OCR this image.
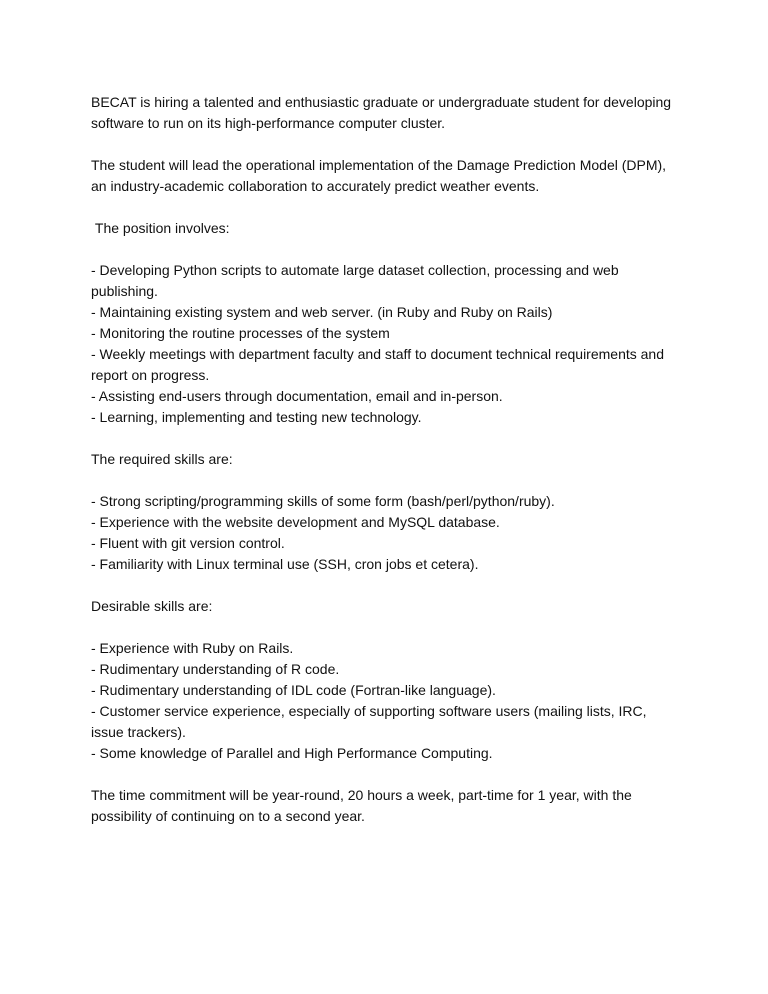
BECAT is hiring a talented and enthusiastic graduate or undergraduate student for developing software to run on its high-performance computer cluster.

The student will lead the operational implementation of the Damage Prediction Model (DPM), an industry-academic collaboration to accurately predict weather events.

The position involves:

- Developing Python scripts to automate large dataset collection, processing and web publishing.

- Maintaining existing system and web server. (in Ruby and Ruby on Rails)

- Monitoring the routine processes of the system

- Weekly meetings with department faculty and staff to document technical requirements and report on progress.

- Assisting end-users through documentation, email and in-person.

- Learning, implementing and testing new technology.

The required skills are:

- Strong scripting/programming skills of some form (bash/perl/python/ruby).

- Experience with the website development and MySQL database.

- Fluent with git version control.

- Familiarity with Linux terminal use (SSH, cron jobs et cetera).

Desirable skills are:

- Experience with Ruby on Rails.

- Rudimentary understanding of R code.

- Rudimentary understanding of IDL code (Fortran-like language).

- Customer service experience, especially of supporting software users (mailing lists, IRC, issue trackers).

- Some knowledge of Parallel and High Performance Computing.

The time commitment will be year-round, 20 hours a week, part-time for 1 year, with the possibility of continuing on to a second year.
